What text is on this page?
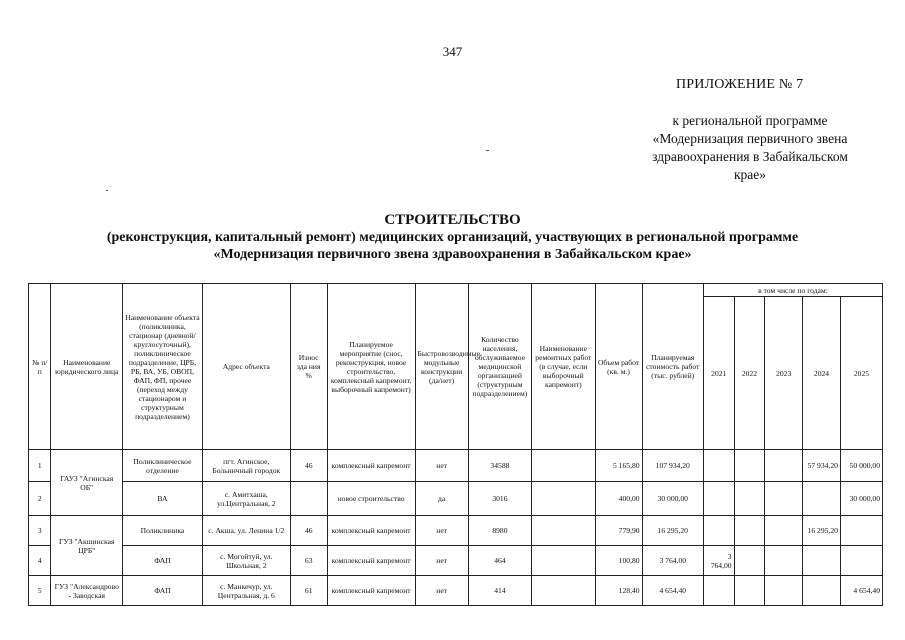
347
ПРИЛОЖЕНИЕ № 7
к региональной программе
«Модернизация первичного звена
здравоохранения в Забайкальском
крае»
СТРОИТЕЛЬСТВО
(реконструкция, капитальный ремонт) медицинских организаций, участвующих в региональной программе
«Модернизация первичного звена здравоохранения в Забайкальском крае»
№ п/ п	Наименование юридического лица	Наименование объекта (поликлиника, стационар (дневной/круглосуточный), поликлиническое подразделение, ЦРБ, РБ, ВА, УБ, ОВОП, ФАП, ФП, прочее (переход между стационаром и структурным подразделением)	Адрес объекта	Износ зда ния %	Планируемое мероприятие (снос, реконструкция, новое строительство, комплексный капремонт, выборочный капремонт)	Быстровозводимые модульные конструкции (да/нет)	Количество населения, обслуживаемое медицинской организацией (структурным подразделением)	Наименование ремонтных работ (в случае, если выборочный капремонт)	Объем работ (кв. м.)	Планируемая стоимость работ (тыс. рублей)	в том числе по годам:				
											2021	2022	2023	2024	2025
1	ГАУЗ "Агинская ОБ"	Поликлиническое отделение	пгт. Агинское, Больничный городок	46	комплексный капремонт	нет	34588		5 165,80	107 934,20				57 934,20	50 000,00
2		ВА	с. Амитхаша, ул.Центральная, 2		новое строительство	да	3016		400,00	30 000,00					30 000,00
3	ГУЗ "Акшинская ЦРБ"	Поликлиника	с. Акша, ул. Ленина 1/2	46	комплексный капремонт	нет	8980		779,90	16 295,20				16 295,20	
4		ФАП	с. Могойтуй, ул. Школьная, 2	63	комплексный капремонт	нет	464		100,80	3 764,00	3 764,00				
5	ГУЗ "Александрово - Заводская	ФАП	с. Манкечур, ул. Центральная, д. 6	61	комплексный капремонт	нет	414		128,40	4 654,40					4 654,40
